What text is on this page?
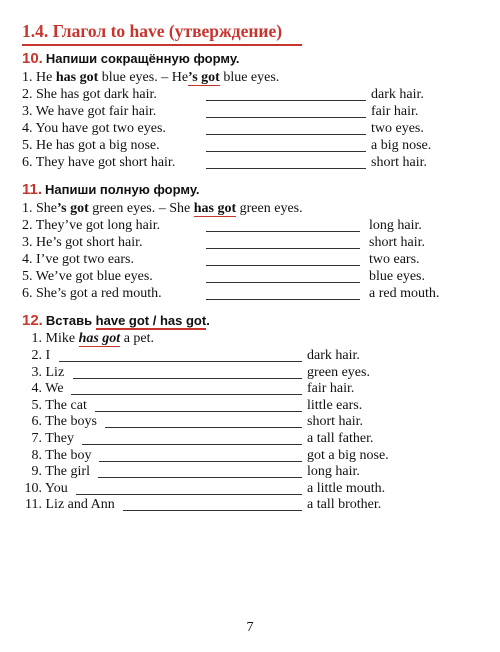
1.4. Глагол to have (утверждение)
10. Напиши сокращённую форму.
1. He has got blue eyes. – He’s got blue eyes.
2. She has got dark hair.	dark hair.
3. We have got fair hair.	fair hair.
4. You have got two eyes.	two eyes.
5. He has got a big nose.	a big nose.
6. They have got short hair.	short hair.
11. Напиши полную форму.
1. She’s got green eyes. – She has got green eyes.
2. They’ve got long hair.	long hair.
3. He’s got short hair.	short hair.
4. I’ve got two ears.	two ears.
5. We’ve got blue eyes.	blue eyes.
6. She’s got a red mouth.	a red mouth.
12. Вставь have got / has got.
1. Mike has got a pet.
2. I	dark hair.
3. Liz	green eyes.
4. We	fair hair.
5. The cat	little ears.
6. The boys	short hair.
7. They	a tall father.
8. The boy	got a big nose.
9. The girl	long hair.
10. You	a little mouth.
11. Liz and Ann	a tall brother.
7
